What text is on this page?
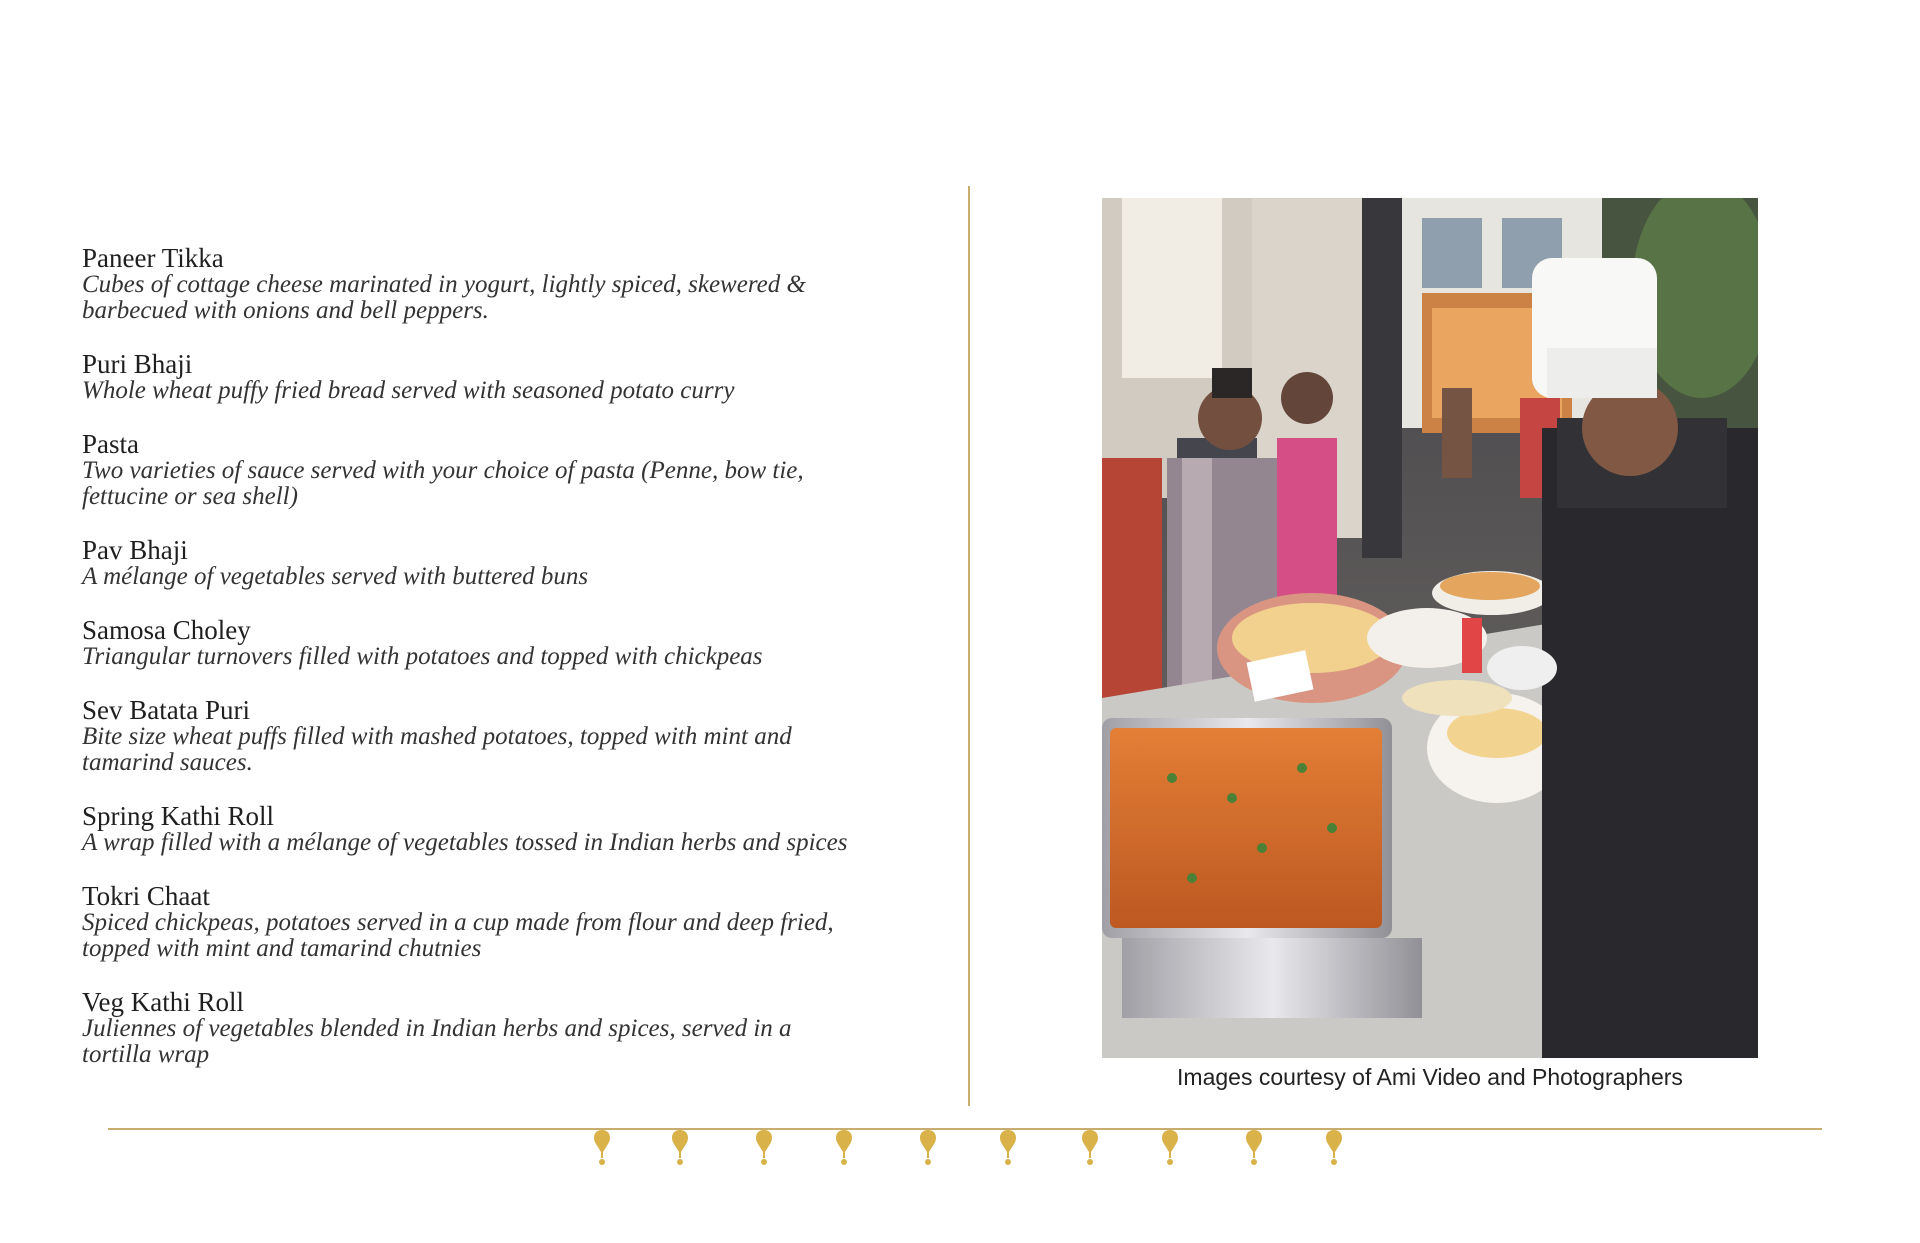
Paneer Tikka
Cubes of cottage cheese marinated in yogurt, lightly spiced, skewered &
barbecued with onions and bell peppers.
Puri Bhaji
Whole wheat puffy fried bread served with seasoned potato curry
Pasta
Two varieties of sauce served with your choice of pasta (Penne, bow tie,
fettucine or sea shell)
Pav Bhaji
A mélange of vegetables served with buttered buns
Samosa Choley
Triangular turnovers filled with potatoes and topped with chickpeas
Sev Batata Puri
Bite size wheat puffs filled with mashed potatoes, topped with mint and
tamarind sauces.
Spring Kathi Roll
A wrap filled with a mélange of vegetables tossed in Indian herbs and spices
Tokri Chaat
Spiced chickpeas, potatoes served in a cup made from flour and deep fried,
topped with mint and tamarind chutnies
Veg Kathi Roll
Juliennes of vegetables blended in Indian herbs and spices, served in a
tortilla wrap
Images courtesy of Ami Video and Photographers
